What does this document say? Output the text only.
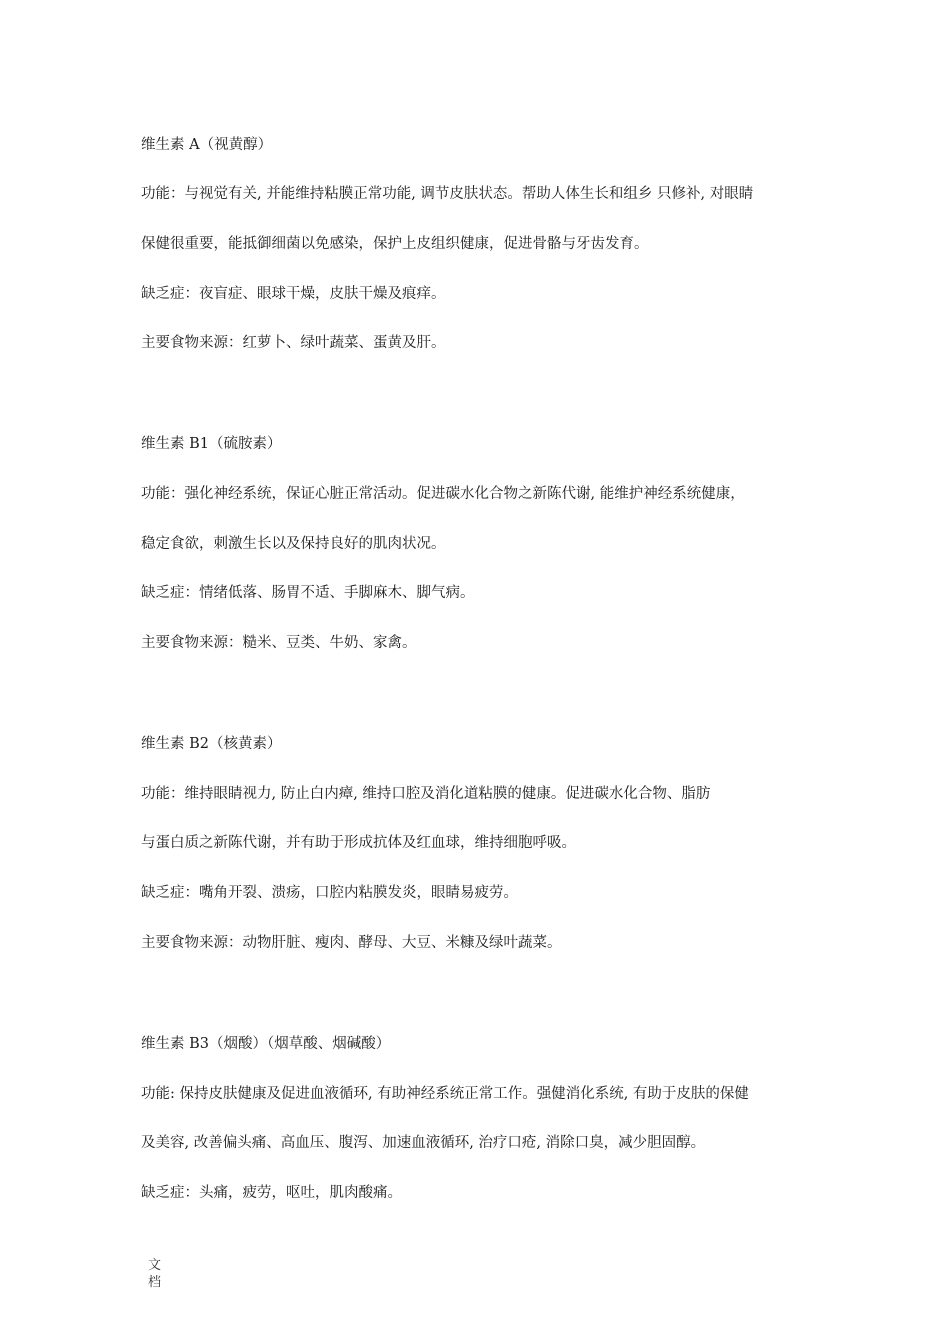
维生素 A（视黄醇）
功能：与视觉有关, 并能维持粘膜正常功能, 调节皮肤状态。帮助人体生长和组乡 只修补, 对眼睛
保健很重要，能抵御细菌以免感染，保护上皮组织健康，促进骨骼与牙齿发育。
缺乏症：夜盲症、眼球干燥，皮肤干燥及痕痒。
主要食物来源：红萝卜、绿叶蔬菜、蛋黄及肝。
维生素 B1（硫胺素）
功能：强化神经系统，保证心脏正常活动。促进碳水化合物之新陈代谢, 能维护神经系统健康，
稳定食欲，刺激生长以及保持良好的肌肉状况。
缺乏症：情绪低落、肠胃不适、手脚麻木、脚气病。
主要食物来源：糙米、豆类、牛奶、家禽。
维生素 B2（核黄素）
功能：维持眼睛视力, 防止白内瘴, 维持口腔及消化道粘膜的健康。促进碳水化合物、脂肪
与蛋白质之新陈代谢，并有助于形成抗体及红血球，维持细胞呼吸。
缺乏症：嘴角开裂、溃疡，口腔内粘膜发炎，眼睛易疲劳。
主要食物来源：动物肝脏、瘦肉、酵母、大豆、米糠及绿叶蔬菜。
维生素 B3（烟酸）（烟草酸、烟碱酸）
功能: 保持皮肤健康及促进血液循环, 有助神经系统正常工作。强健消化系统, 有助于皮肤的保健
及美容, 改善偏头痛、高血压、腹泻、加速血液循环, 治疗口疮, 消除口臭，减少胆固醇。
缺乏症：头痛，疲劳，呕吐，肌肉酸痛。
文
档
